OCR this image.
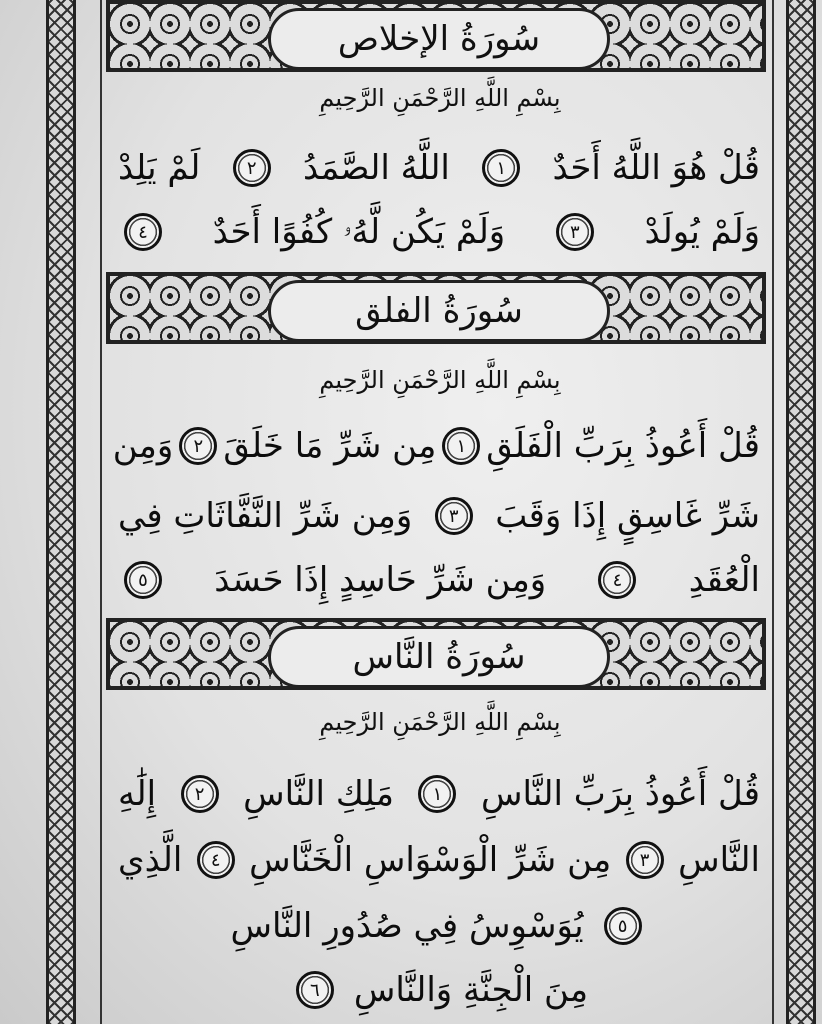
سُورَةُ الإخلاص
بِسْمِ اللَّهِ الرَّحْمَنِ الرَّحِيمِ
قُلْ هُوَ اللَّهُ أَحَدٌ
١
اللَّهُ الصَّمَدُ
٢
لَمْ يَلِدْ
وَلَمْ يُولَدْ
٣
وَلَمْ يَكُن لَّهُۥ كُفُوًا أَحَدٌ
٤
سُورَةُ الفلق
بِسْمِ اللَّهِ الرَّحْمَنِ الرَّحِيمِ
قُلْ أَعُوذُ بِرَبِّ الْفَلَقِ
١
مِن شَرِّ مَا خَلَقَ
٢
وَمِن
شَرِّ غَاسِقٍ إِذَا وَقَبَ
٣
وَمِن شَرِّ النَّفَّاثَاتِ فِي
الْعُقَدِ
٤
وَمِن شَرِّ حَاسِدٍ إِذَا حَسَدَ
٥
سُورَةُ النَّاس
بِسْمِ اللَّهِ الرَّحْمَنِ الرَّحِيمِ
قُلْ أَعُوذُ بِرَبِّ النَّاسِ
١
مَلِكِ النَّاسِ
٢
إِلَٰهِ
النَّاسِ
٣
مِن شَرِّ الْوَسْوَاسِ الْخَنَّاسِ
٤
الَّذِي
٥
يُوَسْوِسُ فِي صُدُورِ النَّاسِ
مِنَ الْجِنَّةِ وَالنَّاسِ
٦
